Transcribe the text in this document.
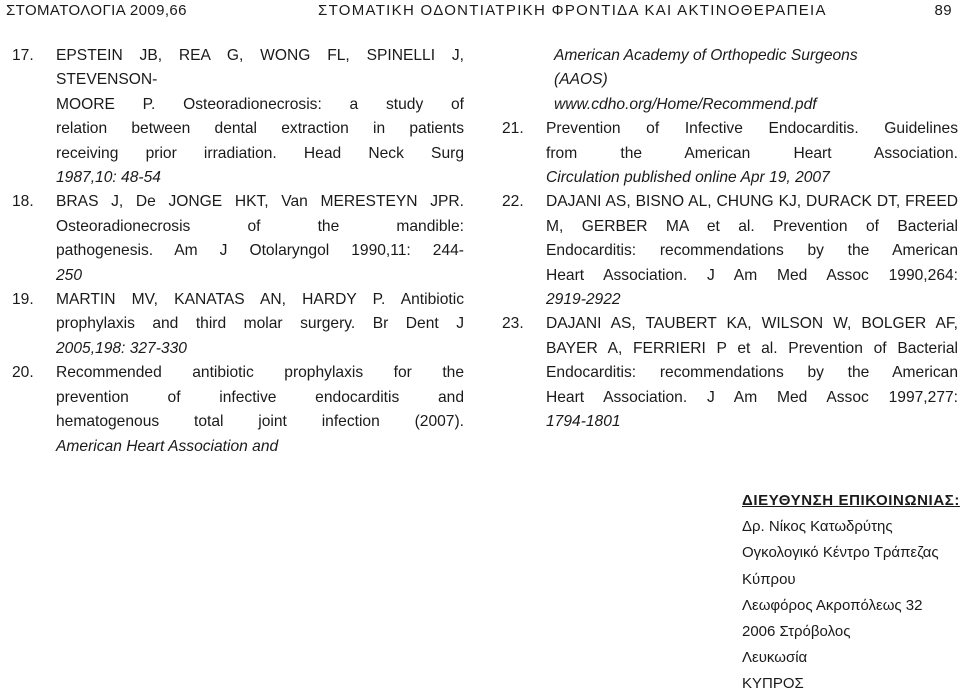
ΣΤΟΜΑΤΟΛΟΓΙΑ 2009,66	ΣΤΟΜΑΤΙΚΗ ΟΔΟΝΤΙΑΤΡΙΚΗ ΦΡΟΝΤΙΔΑ ΚΑΙ ΑΚΤΙΝΟΘΕΡΑΠΕΙΑ	89
17. EPSTEIN JB, REA G, WONG FL, SPINELLI J, STEVENSON-
MOORE P. Osteoradionecrosis: a study of
relation between dental extraction in patients
receiving prior irradiation. Head Neck Surg
1987,10: 48-54
18. BRAS J, De JONGE HKT, Van MERESTEYN JPR.
Osteoradionecrosis of the mandible:
pathogenesis. Am J Otolaryngol 1990,11: 244-
250
19. MARTIN MV, KANATAS AN, HARDY P. Antibiotic
prophylaxis and third molar surgery. Br Dent J
2005,198: 327-330
20. Recommended antibiotic prophylaxis for the
prevention of infective endocarditis and
hematogenous total joint infection (2007).
American Heart Association and
American Academy of Orthopedic Surgeons
(AAOS)
www.cdho.org/Home/Recommend.pdf
21. Prevention of Infective Endocarditis. Guidelines
from the American Heart Association.
Circulation published online Apr 19, 2007
22. DAJANI AS, BISNO AL, CHUNG KJ, DURACK DT, FREED
M, GERBER MA et al. Prevention of Bacterial
Endocarditis: recommendations by the American
Heart Association. J Am Med Assoc 1990,264:
2919-2922
23. DAJANI AS, TAUBERT KA, WILSON W, BOLGER AF,
BAYER A, FERRIERI P et al. Prevention of Bacterial
Endocarditis: recommendations by the American
Heart Association. J Am Med Assoc 1997,277:
1794-1801
ΔΙΕΥΘΥΝΣΗ ΕΠΙΚΟΙΝΩΝΙΑΣ:
Δρ. Νίκος Κατωδρύτης
Ογκολογικό Κέντρο Τράπεζας
Κύπρου
Λεωφόρος Ακροπόλεως 32
2006 Στρόβολος
Λευκωσία
ΚΥΠΡΟΣ
